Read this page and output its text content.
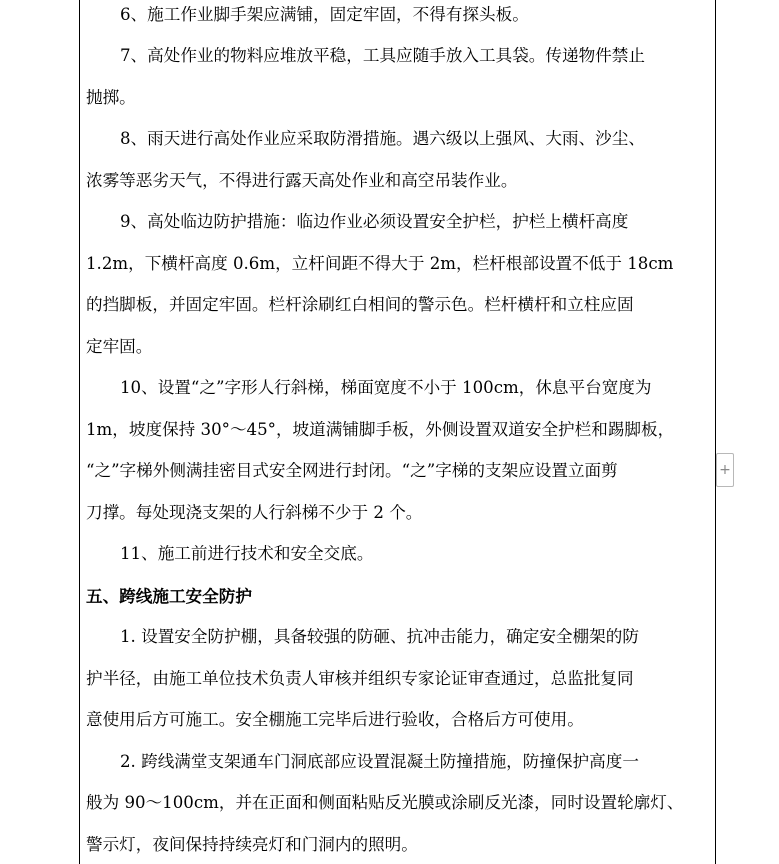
6、施工作业脚手架应满铺，固定牢固，不得有探头板。
7、高处作业的物料应堆放平稳，工具应随手放入工具袋。传递物件禁止
抛掷。
8、雨天进行高处作业应采取防滑措施。遇六级以上强风、大雨、沙尘、
浓雾等恶劣天气，不得进行露天高处作业和高空吊装作业。
9、高处临边防护措施：临边作业必须设置安全护栏，护栏上横杆高度
1.2m，下横杆高度 0.6m，立杆间距不得大于 2m，栏杆根部设置不低于 18cm
的挡脚板，并固定牢固。栏杆涂刷红白相间的警示色。栏杆横杆和立柱应固
定牢固。
10、设置“之”字形人行斜梯，梯面宽度不小于 100cm，休息平台宽度为
1m，坡度保持 30°～45°，坡道满铺脚手板，外侧设置双道安全护栏和踢脚板，
“之”字梯外侧满挂密目式安全网进行封闭。“之”字梯的支架应设置立面剪
刀撑。每处现浇支架的人行斜梯不少于 2 个。
11、施工前进行技术和安全交底。
五、跨线施工安全防护
1. 设置安全防护棚，具备较强的防砸、抗冲击能力，确定安全棚架的防
护半径，由施工单位技术负责人审核并组织专家论证审查通过，总监批复同
意使用后方可施工。安全棚施工完毕后进行验收，合格后方可使用。
2. 跨线满堂支架通车门洞底部应设置混凝土防撞措施，防撞保护高度一
般为 90～100cm，并在正面和侧面粘贴反光膜或涂刷反光漆，同时设置轮廓灯、
警示灯，夜间保持持续亮灯和门洞内的照明。
+
